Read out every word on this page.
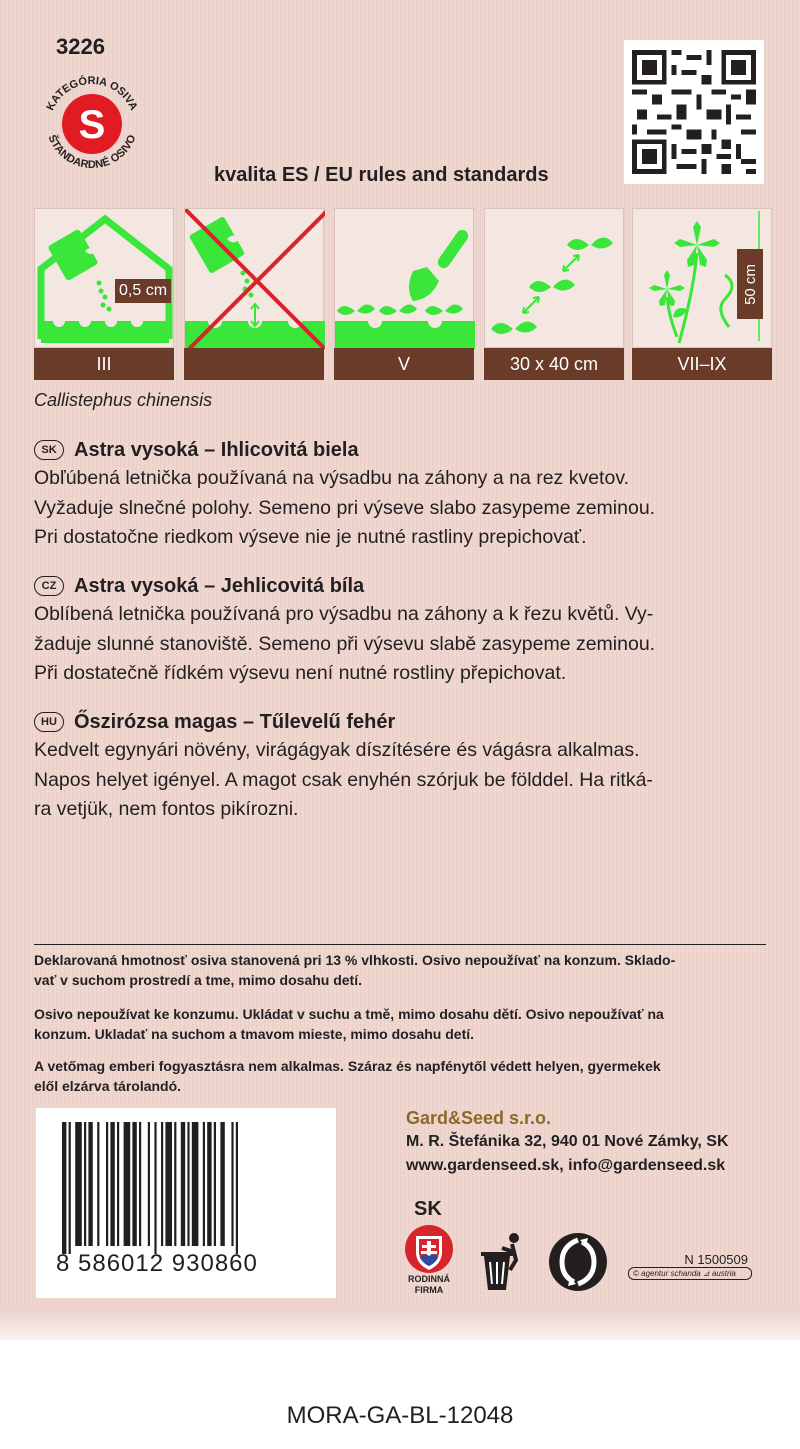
3226
S
KATEGÓRIA OSIVA
ŠTANDARDNÉ OSIVO
kvalita ES / EU rules and standards
0,5 cm
III	V	30 x 40 cm
50 cm
VII–IX
Callistephus chinensis
SK Astra vysoká – Ihlicovitá biela
Obľúbená letnička používaná na výsadbu na záhony a na rez kvetov.
Vyžaduje slnečné polohy. Semeno pri výseve slabo zasypeme zeminou.
Pri dostatočne riedkom výseve nie je nutné rastliny prepichovať.
CZ Astra vysoká – Jehlicovitá bíla
Oblíbená letnička používaná pro výsadbu na záhony a k řezu květů. Vy-
žaduje slunné stanoviště. Semeno při výsevu slabě zasypeme zeminou.
Při dostatečně řídkém výsevu není nutné rostliny přepichovat.
HU Őszirózsa magas – Tűlevelű fehér
Kedvelt egynyári növény, virágágyak díszítésére és vágásra alkalmas.
Napos helyet igényel. A magot csak enyhén szórjuk be földdel. Ha ritká-
ra vetjük, nem fontos pikírozni.
Deklarovaná hmotnosť osiva stanovená pri 13 % vlhkosti. Osivo nepoužívať na konzum. Sklado-
vať v suchom prostredí a tme, mimo dosahu detí.
Osivo nepoužívat ke konzumu. Ukládat v suchu a tmě, mimo dosahu dětí. Osivo nepoužívať na
konzum. Ukladať na suchom a tmavom mieste, mimo dosahu detí.
A vetőmag emberi fogyasztásra nem alkalmas. Száraz és napfénytől védett helyen, gyermekek
elől elzárva tárolandó.
8 586012 930860
Gard&Seed s.r.o.
M. R. Štefánika 32, 940 01 Nové Zámky, SK
www.gardenseed.sk, info@gardenseed.sk
SK
RODINNÁ FIRMA
N 1500509
© agentur schanda ⊿ austria
MORA-GA-BL-12048
